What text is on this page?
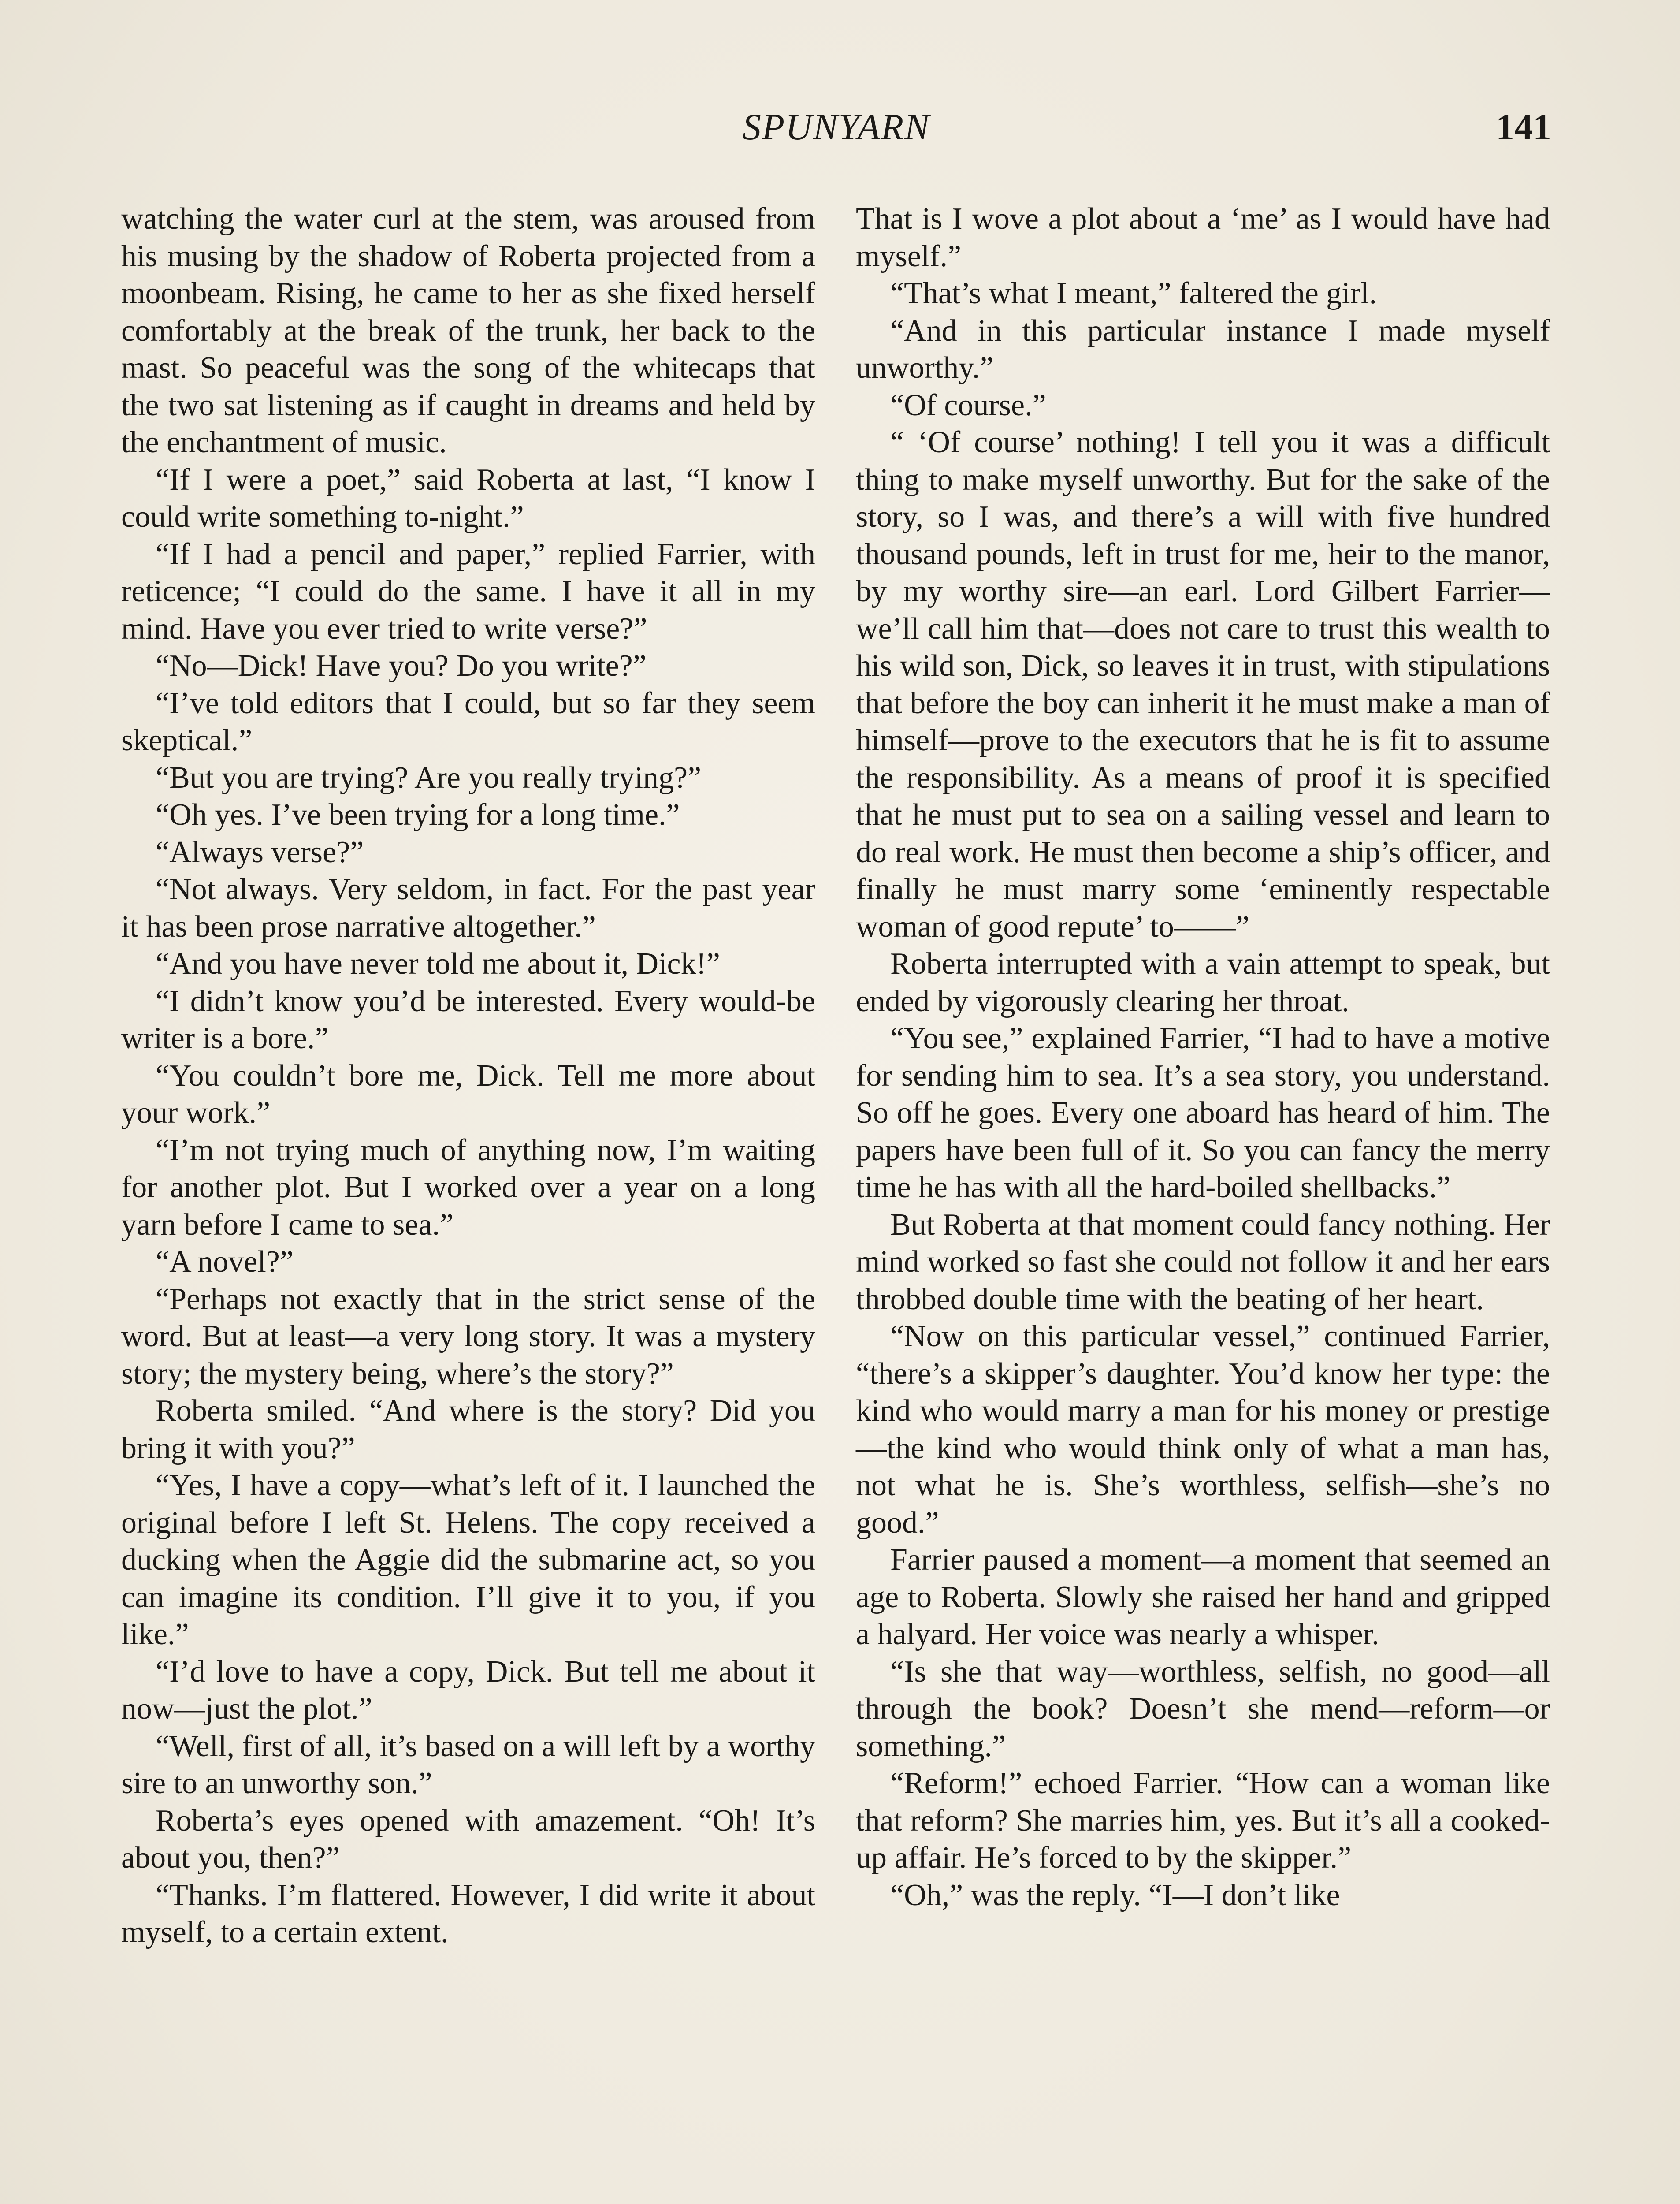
SPUNYARN	141

watching the water curl at the stem, was aroused from his musing by the shadow of Roberta projected from a moonbeam. Rising, he came to her as she fixed herself comfortably at the break of the trunk, her back to the mast. So peaceful was the song of the whitecaps that the two sat listening as if caught in dreams and held by the enchantment of music.

“If I were a poet,” said Roberta at last, “I know I could write something to-night.”

“If I had a pencil and paper,” replied Farrier, with reticence; “I could do the same. I have it all in my mind. Have you ever tried to write verse?”

“No—Dick! Have you? Do you write?”

“I’ve told editors that I could, but so far they seem skeptical.”

“But you are trying? Are you really trying?”

“Oh yes. I’ve been trying for a long time.”

“Always verse?”

“Not always. Very seldom, in fact. For the past year it has been prose narrative altogether.”

“And you have never told me about it, Dick!”

“I didn’t know you’d be interested. Every would-be writer is a bore.”

“You couldn’t bore me, Dick. Tell me more about your work.”

“I’m not trying much of anything now, I’m waiting for another plot. But I worked over a year on a long yarn before I came to sea.”

“A novel?”

“Perhaps not exactly that in the strict sense of the word. But at least—a very long story. It was a mystery story; the mystery being, where’s the story?”

Roberta smiled. “And where is the story? Did you bring it with you?”

“Yes, I have a copy—what’s left of it. I launched the original before I left St. Helens. The copy received a ducking when the Aggie did the submarine act, so you can imagine its condition. I’ll give it to you, if you like.”

“I’d love to have a copy, Dick. But tell me about it now—just the plot.”

“Well, first of all, it’s based on a will left by a worthy sire to an unworthy son.”

Roberta’s eyes opened with amazement. “Oh! It’s about you, then?”

“Thanks. I’m flattered. However, I did write it about myself, to a certain extent.

That is I wove a plot about a ‘me’ as I would have had myself.”

“That’s what I meant,” faltered the girl.

“And in this particular instance I made myself unworthy.”

“Of course.”

“ ‘Of course’ nothing! I tell you it was a difficult thing to make myself unworthy. But for the sake of the story, so I was, and there’s a will with five hundred thousand pounds, left in trust for me, heir to the manor, by my worthy sire—an earl. Lord Gilbert Farrier—we’ll call him that—does not care to trust this wealth to his wild son, Dick, so leaves it in trust, with stipulations that before the boy can inherit it he must make a man of himself—prove to the executors that he is fit to assume the responsibility. As a means of proof it is specified that he must put to sea on a sailing vessel and learn to do real work. He must then become a ship’s officer, and finally he must marry some ‘eminently respectable woman of good repute’ to——”

Roberta interrupted with a vain attempt to speak, but ended by vigorously clearing her throat.

“You see,” explained Farrier, “I had to have a motive for sending him to sea. It’s a sea story, you understand. So off he goes. Every one aboard has heard of him. The papers have been full of it. So you can fancy the merry time he has with all the hard-boiled shellbacks.”

But Roberta at that moment could fancy nothing. Her mind worked so fast she could not follow it and her ears throbbed double time with the beating of her heart.

“Now on this particular vessel,” continued Farrier, “there’s a skipper’s daughter. You’d know her type: the kind who would marry a man for his money or prestige—the kind who would think only of what a man has, not what he is. She’s worthless, selfish—she’s no good.”

Farrier paused a moment—a moment that seemed an age to Roberta. Slowly she raised her hand and gripped a halyard. Her voice was nearly a whisper.

“Is she that way—worthless, selfish, no good—all through the book? Doesn’t she mend—reform—or something.”

“Reform!” echoed Farrier. “How can a woman like that reform? She marries him, yes. But it’s all a cooked-up affair. He’s forced to by the skipper.”

“Oh,” was the reply. “I—I don’t like
